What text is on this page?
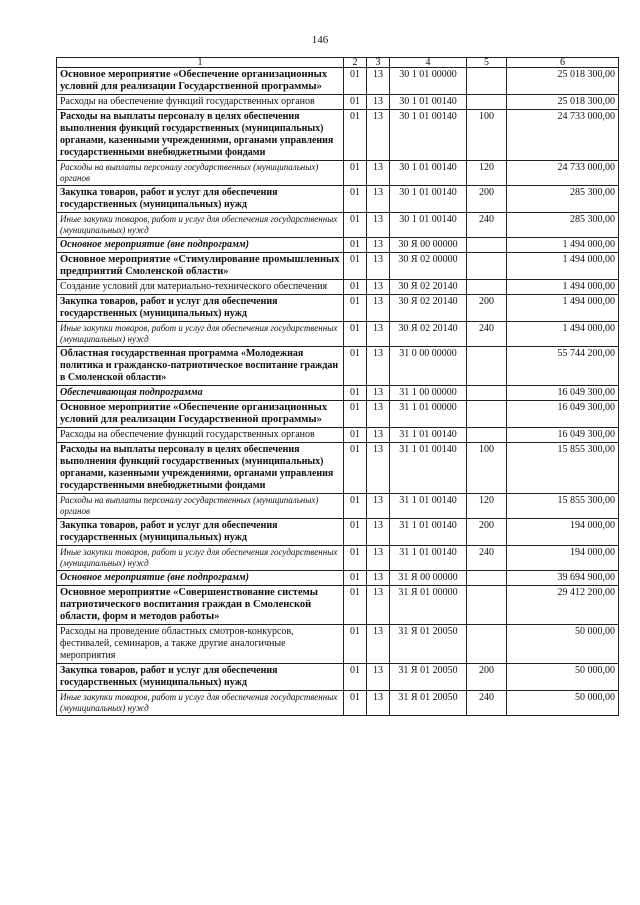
146
1	2	3	4	5	6
Основное мероприятие «Обеспечение организационных условий для реализации Государственной программы»	01	13	30 1 01 00000		25 018 300,00
Расходы на обеспечение функций государственных органов	01	13	30 1 01 00140		25 018 300,00
Расходы на выплаты персоналу в целях обеспечения выполнения функций государственных (муниципальных) органами, казенными учреждениями, органами управления государственными внебюджетными фондами	01	13	30 1 01 00140	100	24 733 000,00
Расходы на выплаты персоналу государственных (муниципальных) органов	01	13	30 1 01 00140	120	24 733 000,00
Закупка товаров, работ и услуг для обеспечения государственных (муниципальных) нужд	01	13	30 1 01 00140	200	285 300,00
Иные закупки товаров, работ и услуг для обеспечения государственных (муниципальных) нужд	01	13	30 1 01 00140	240	285 300,00
Основное мероприятие (вне подпрограмм)	01	13	30 Я 00 00000		1 494 000,00
Основное мероприятие «Стимулирование промышленных предприятий Смоленской области»	01	13	30 Я 02 00000		1 494 000,00
Создание условий для материально-технического обеспечения	01	13	30 Я 02 20140		1 494 000,00
Закупка товаров, работ и услуг для обеспечения государственных (муниципальных) нужд	01	13	30 Я 02 20140	200	1 494 000,00
Иные закупки товаров, работ и услуг для обеспечения государственных (муниципальных) нужд	01	13	30 Я 02 20140	240	1 494 000,00
Областная государственная программа «Молодежная политика и гражданско-патриотическое воспитание граждан в Смоленской области»	01	13	31 0 00 00000		55 744 200,00
Обеспечивающая подпрограмма	01	13	31 1 00 00000		16 049 300,00
Основное мероприятие «Обеспечение организационных условий для реализации Государственной программы»	01	13	31 1 01 00000		16 049 300,00
Расходы на обеспечение функций государственных органов	01	13	31 1 01 00140		16 049 300,00
Расходы на выплаты персоналу в целях обеспечения выполнения функций государственных (муниципальных) органами, казенными учреждениями, органами управления государственными внебюджетными фондами	01	13	31 1 01 00140	100	15 855 300,00
Расходы на выплаты персоналу государственных (муниципальных) органов	01	13	31 1 01 00140	120	15 855 300,00
Закупка товаров, работ и услуг для обеспечения государственных (муниципальных) нужд	01	13	31 1 01 00140	200	194 000,00
Иные закупки товаров, работ и услуг для обеспечения государственных (муниципальных) нужд	01	13	31 1 01 00140	240	194 000,00
Основное мероприятие (вне подпрограмм)	01	13	31 Я 00 00000		39 694 900,00
Основное мероприятие «Совершенствование системы патриотического воспитания граждан в Смоленской области, форм и методов работы»	01	13	31 Я 01 00000		29 412 200,00
Расходы на проведение областных смотров-конкурсов, фестивалей, семинаров, а также другие аналогичные мероприятия	01	13	31 Я 01 20050		50 000,00
Закупка товаров, работ и услуг для обеспечения государственных (муниципальных) нужд	01	13	31 Я 01 20050	200	50 000,00
Иные закупки товаров, работ и услуг для обеспечения государственных (муниципальных) нужд	01	13	31 Я 01 20050	240	50 000,00
